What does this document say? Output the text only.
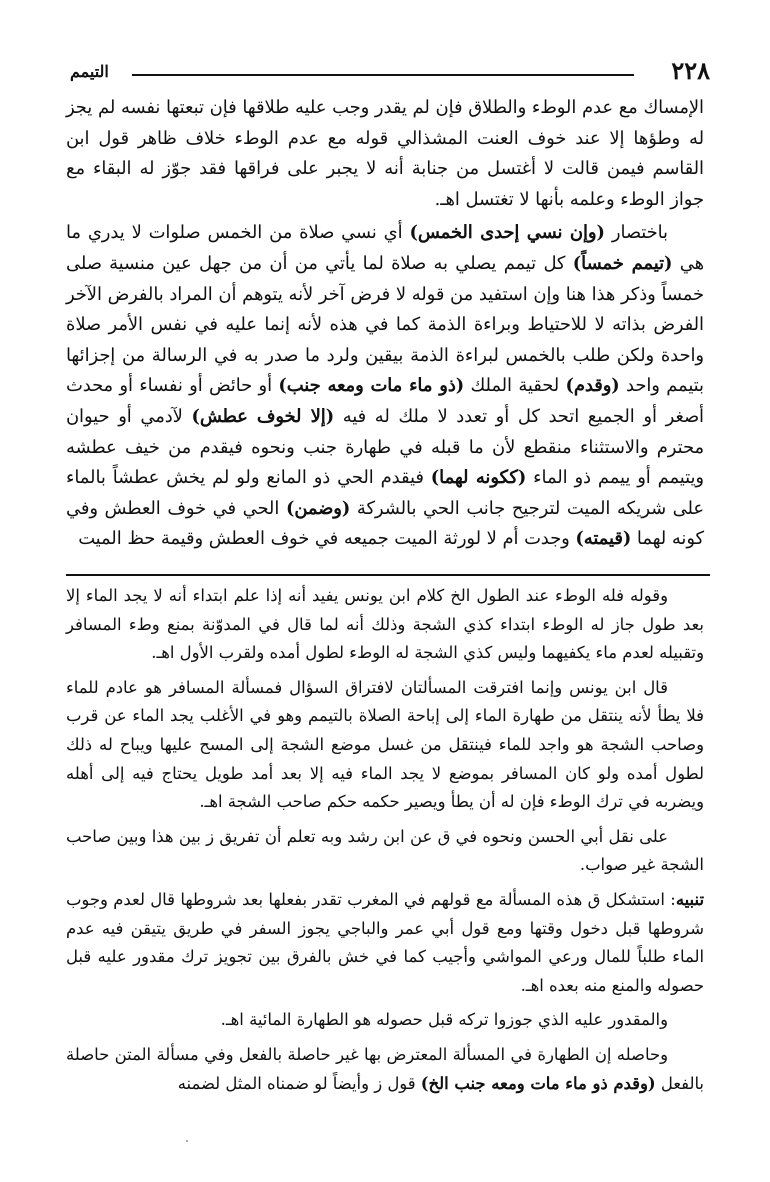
٢٢٨
التيمم

الإمساك مع عدم الوطء والطلاق فإن لم يقدر وجب عليه طلاقها فإن تبعتها نفسه لم يجز له وطؤها إلا عند خوف العنت المشذالي قوله مع عدم الوطء خلاف ظاهر قول ابن القاسم فيمن قالت لا أغتسل من جنابة أنه لا يجبر على فراقها فقد جوّز له البقاء مع جواز الوطء وعلمه بأنها لا تغتسل اهـ.

باختصار (وإن نسي إحدى الخمس) أي نسي صلاة من الخمس صلوات لا يدري ما هي (تيمم خمساً) كل تيمم يصلي به صلاة لما يأتي من أن من جهل عين منسية صلى خمساً وذكر هذا هنا وإن استفيد من قوله لا فرض آخر لأنه يتوهم أن المراد بالفرض الآخر الفرض بذاته لا للاحتياط وبراءة الذمة كما في هذه لأنه إنما عليه في نفس الأمر صلاة واحدة ولكن طلب بالخمس لبراءة الذمة بيقين ولرد ما صدر به في الرسالة من إجزائها بتيمم واحد (وقدم) لحقية الملك (ذو ماء مات ومعه جنب) أو حائض أو نفساء أو محدث أصغر أو الجميع اتحد كل أو تعدد لا ملك له فيه (إلا لخوف عطش) لآدمي أو حيوان محترم والاستثناء منقطع لأن ما قبله في طهارة جنب ونحوه فيقدم من خيف عطشه ويتيمم أو ييمم ذو الماء (ككونه لهما) فيقدم الحي ذو المانع ولو لم يخش عطشاً بالماء على شريكه الميت لترجيح جانب الحي بالشركة (وضمن) الحي في خوف العطش وفي كونه لهما (قيمته) وجدت أم لا لورثة الميت جميعه في خوف العطش وقيمة حظ الميت

وقوله فله الوطء عند الطول الخ كلام ابن يونس يفيد أنه إذا علم ابتداء أنه لا يجد الماء إلا بعد طول جاز له الوطء ابتداء كذي الشجة وذلك أنه لما قال في المدوّنة بمنع وطء المسافر وتقبيله لعدم ماء يكفيهما وليس كذي الشجة له الوطء لطول أمده ولقرب الأول اهـ.

قال ابن يونس وإنما افترقت المسألتان لافتراق السؤال فمسألة المسافر هو عادم للماء فلا يطأ لأنه ينتقل من طهارة الماء إلى إباحة الصلاة بالتيمم وهو في الأغلب يجد الماء عن قرب وصاحب الشجة هو واجد للماء فينتقل من غسل موضع الشجة إلى المسح عليها ويباح له ذلك لطول أمده ولو كان المسافر بموضع لا يجد الماء فيه إلا بعد أمد طويل يحتاج فيه إلى أهله ويضربه في ترك الوطء فإن له أن يطأ ويصير حكمه حكم صاحب الشجة اهـ.

على نقل أبي الحسن ونحوه في ق عن ابن رشد وبه تعلم أن تفريق ز بين هذا وبين صاحب الشجة غير صواب.

تنبيه: استشكل ق هذه المسألة مع قولهم في المغرب تقدر بفعلها بعد شروطها قال لعدم وجوب شروطها قبل دخول وقتها ومع قول أبي عمر والباجي يجوز السفر في طريق يتيقن فيه عدم الماء طلباً للمال ورعي المواشي وأجيب كما في خش بالفرق بين تجويز ترك مقدور عليه قبل حصوله والمنع منه بعده اهـ.

والمقدور عليه الذي جوزوا تركه قبل حصوله هو الطهارة المائية اهـ.

وحاصله إن الطهارة في المسألة المعترض بها غير حاصلة بالفعل وفي مسألة المتن حاصلة بالفعل (وقدم ذو ماء مات ومعه جنب الخ) قول ز وأيضاً لو ضمناه المثل لضمنه
